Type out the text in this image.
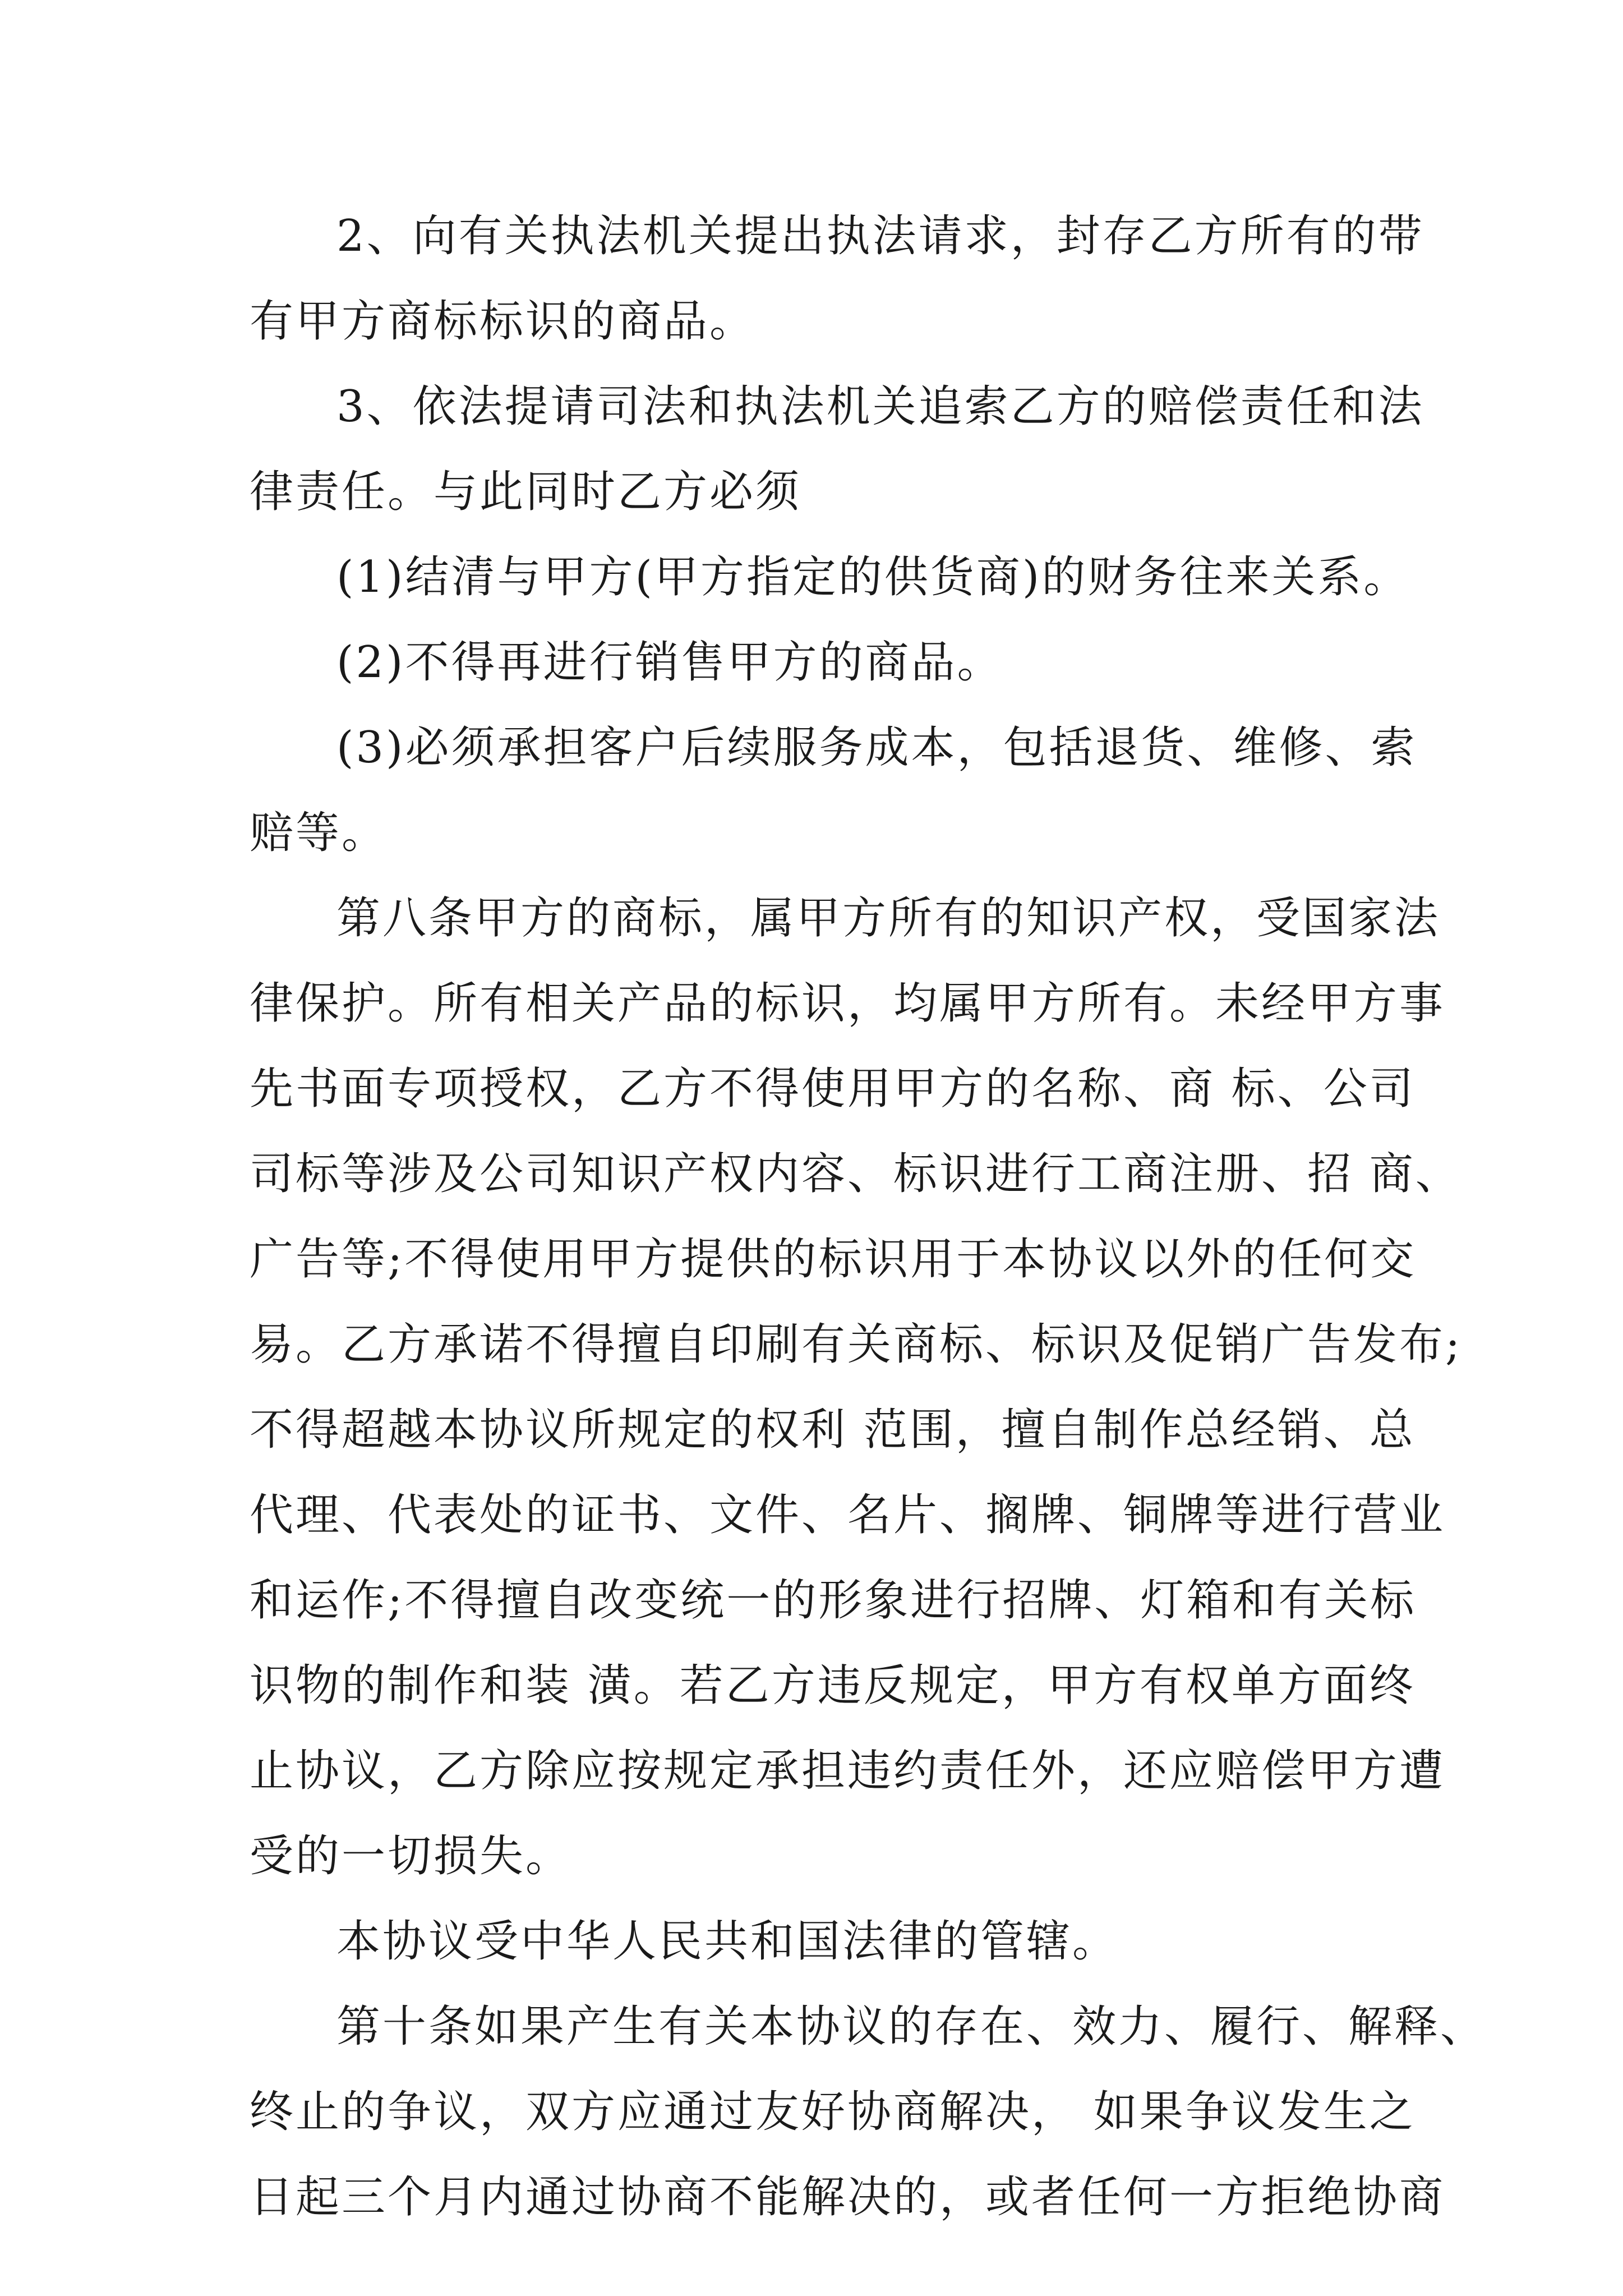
2、向有关执法机关提出执法请求，封存乙方所有的带
有甲方商标标识的商品。
3、依法提请司法和执法机关追索乙方的赔偿责任和法
律责任。与此同时乙方必须
(1)结清与甲方(甲方指定的供货商)的财务往来关系。
(2)不得再进行销售甲方的商品。
(3)必须承担客户后续服务成本，包括退货、维修、索
赔等。
第八条甲方的商标，属甲方所有的知识产权，受国家法
律保护。所有相关产品的标识，均属甲方所有。未经甲方事
先书面专项授权，乙方不得使用甲方的名称、商 标、公司
司标等涉及公司知识产权内容、标识进行工商注册、招 商、
广告等;不得使用甲方提供的标识用于本协议以外的任何交
易。乙方承诺不得擅自印刷有关商标、标识及促销广告发布;
不得超越本协议所规定的权利 范围，擅自制作总经销、总
代理、代表处的证书、文件、名片、搁牌、铜牌等进行营业
和运作;不得擅自改变统一的形象进行招牌、灯箱和有关标
识物的制作和装 潢。若乙方违反规定，甲方有权单方面终
止协议，乙方除应按规定承担违约责任外，还应赔偿甲方遭
受的一切损失。
本协议受中华人民共和国法律的管辖。
第十条如果产生有关本协议的存在、效力、履行、解释、
终止的争议，双方应通过友好协商解决， 如果争议发生之
日起三个月内通过协商不能解决的，或者任何一方拒绝协商
